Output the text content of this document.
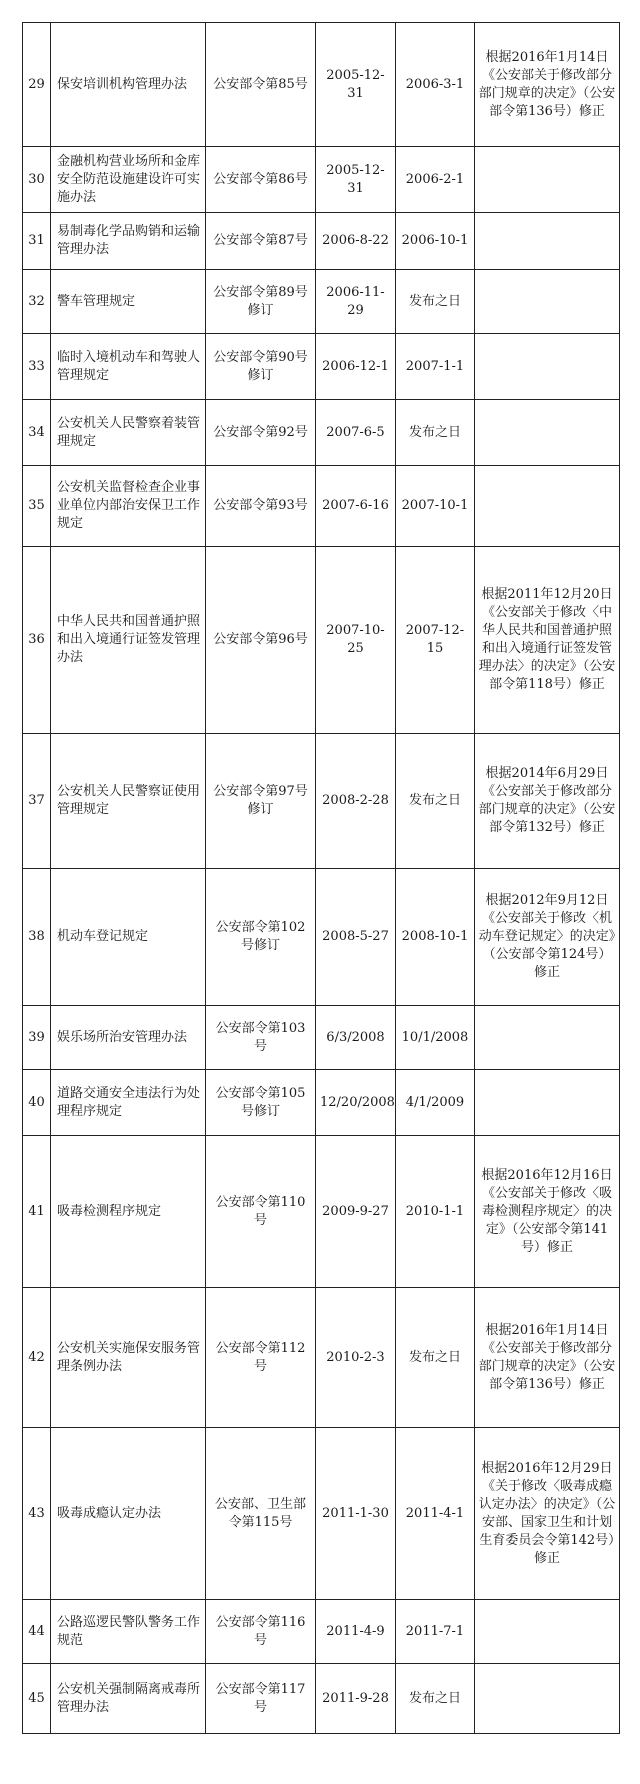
29	保安培训机构管理办法	公安部令第85号	2005-12-31	2006-3-1	根据2016年1月14日《公安部关于修改部分部门规章的决定》（公安部令第136号）修正
30	金融机构营业场所和金库安全防范设施建设许可实施办法	公安部令第86号	2005-12-31	2006-2-1	
31	易制毒化学品购销和运输管理办法	公安部令第87号	2006-8-22	2006-10-1	
32	警车管理规定	公安部令第89号修订	2006-11-29	发布之日	
33	临时入境机动车和驾驶人管理规定	公安部令第90号修订	2006-12-1	2007-1-1	
34	公安机关人民警察着装管理规定	公安部令第92号	2007-6-5	发布之日	
35	公安机关监督检查企业事业单位内部治安保卫工作规定	公安部令第93号	2007-6-16	2007-10-1	
36	中华人民共和国普通护照和出入境通行证签发管理办法	公安部令第96号	2007-10-25	2007-12-15	根据2011年12月20日《公安部关于修改〈中华人民共和国普通护照和出入境通行证签发管理办法〉的决定》（公安部令第118号）修正
37	公安机关人民警察证使用管理规定	公安部令第97号修订	2008-2-28	发布之日	根据2014年6月29日《公安部关于修改部分部门规章的决定》（公安部令第132号）修正
38	机动车登记规定	公安部令第102号修订	2008-5-27	2008-10-1	根据2012年9月12日《公安部关于修改〈机动车登记规定〉的决定》（公安部令第124号）修正
39	娱乐场所治安管理办法	公安部令第103号	6/3/2008	10/1/2008	
40	道路交通安全违法行为处理程序规定	公安部令第105号修订	12/20/2008	4/1/2009	
41	吸毒检测程序规定	公安部令第110号	2009-9-27	2010-1-1	根据2016年12月16日《公安部关于修改〈吸毒检测程序规定〉的决定》（公安部令第141号）修正
42	公安机关实施保安服务管理条例办法	公安部令第112号	2010-2-3	发布之日	根据2016年1月14日《公安部关于修改部分部门规章的决定》（公安部令第136号）修正
43	吸毒成瘾认定办法	公安部、卫生部令第115号	2011-1-30	2011-4-1	根据2016年12月29日《关于修改〈吸毒成瘾认定办法〉的决定》（公安部、国家卫生和计划生育委员会令第142号）修正
44	公路巡逻民警队警务工作规范	公安部令第116号	2011-4-9	2011-7-1	
45	公安机关强制隔离戒毒所管理办法	公安部令第117号	2011-9-28	发布之日	
